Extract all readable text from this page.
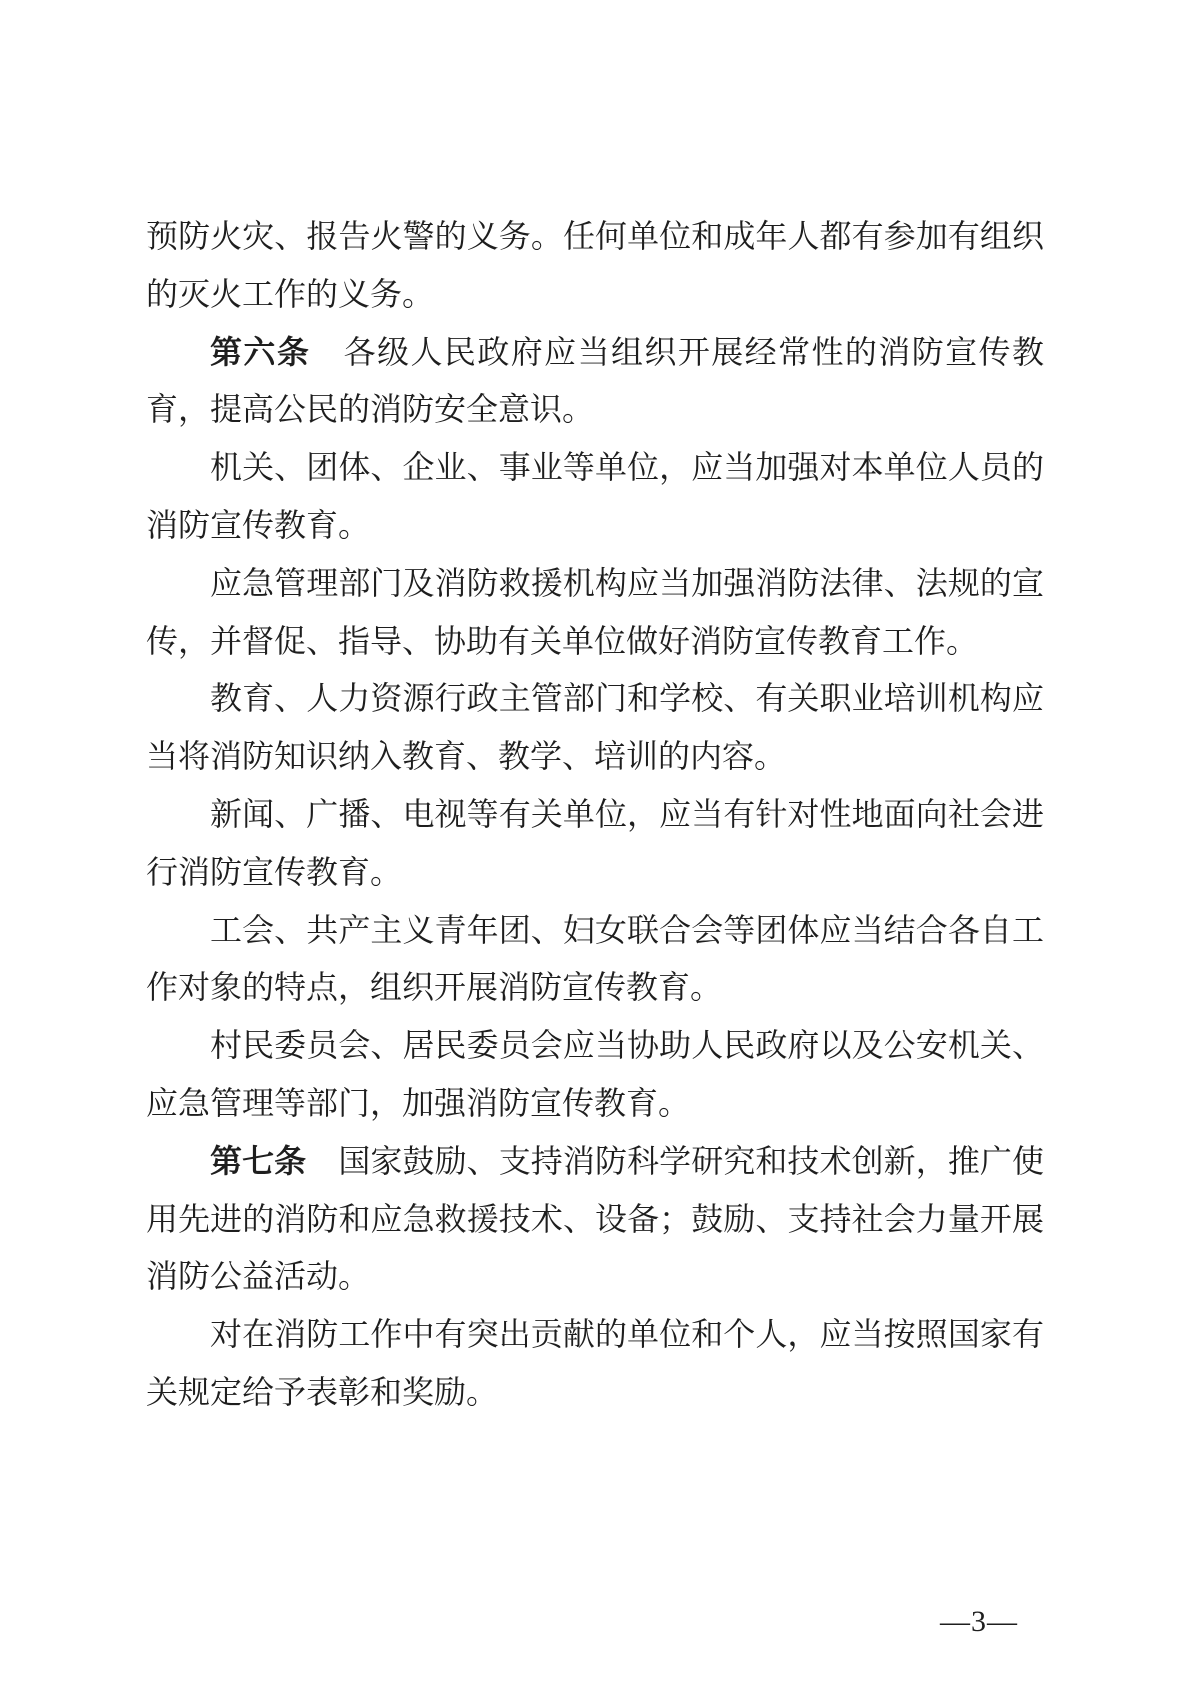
预防火灾、报告火警的义务。任何单位和成年人都有参加有组织
的灭火工作的义务。
第六条　各级人民政府应当组织开展经常性的消防宣传教
育，提高公民的消防安全意识。
机关、团体、企业、事业等单位，应当加强对本单位人员的
消防宣传教育。
应急管理部门及消防救援机构应当加强消防法律、法规的宣
传，并督促、指导、协助有关单位做好消防宣传教育工作。
教育、人力资源行政主管部门和学校、有关职业培训机构应
当将消防知识纳入教育、教学、培训的内容。
新闻、广播、电视等有关单位，应当有针对性地面向社会进
行消防宣传教育。
工会、共产主义青年团、妇女联合会等团体应当结合各自工
作对象的特点，组织开展消防宣传教育。
村民委员会、居民委员会应当协助人民政府以及公安机关、
应急管理等部门，加强消防宣传教育。
第七条　国家鼓励、支持消防科学研究和技术创新，推广使
用先进的消防和应急救援技术、设备；鼓励、支持社会力量开展
消防公益活动。
对在消防工作中有突出贡献的单位和个人，应当按照国家有
关规定给予表彰和奖励。
—3—
